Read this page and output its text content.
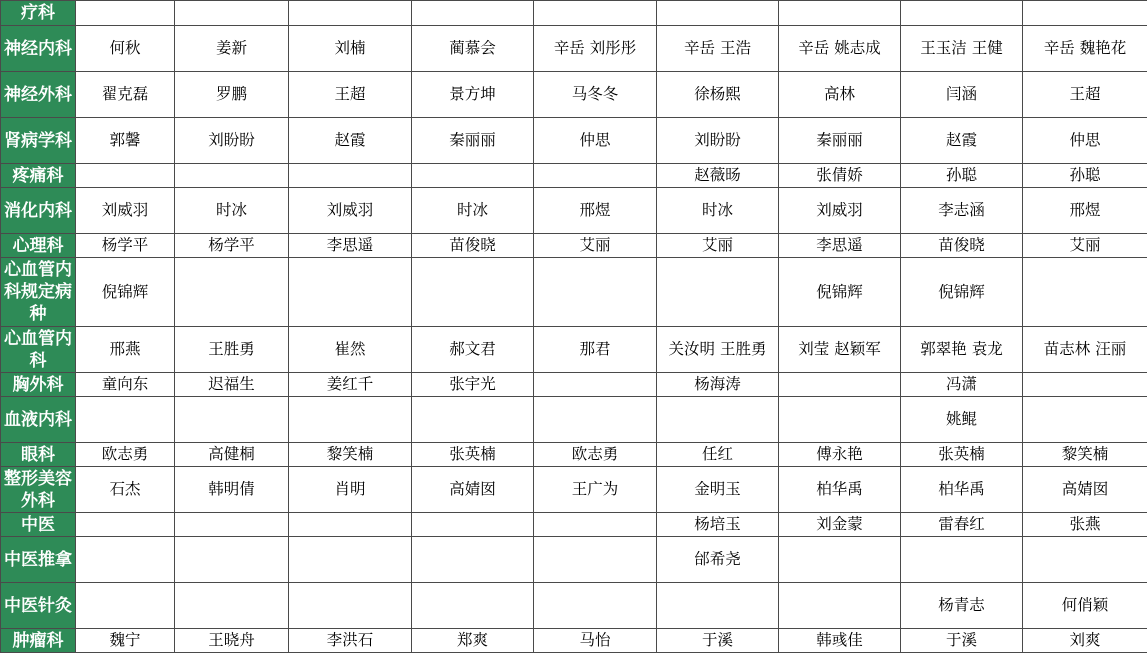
疗科									
神经内科	何秋	姜新	刘楠	蔺慕会	辛岳 刘彤彤	辛岳 王浩	辛岳 姚志成	王玉洁 王健	辛岳 魏艳花
神经外科	翟克磊	罗鹏	王超	景方坤	马冬冬	徐杨熙	高林	闫涵	王超
肾病学科	郭馨	刘盼盼	赵霞	秦丽丽	仲思	刘盼盼	秦丽丽	赵霞	仲思
疼痛科						赵薇旸	张倩娇	孙聪	孙聪
消化内科	刘威羽	时冰	刘威羽	时冰	邢煜	时冰	刘威羽	李志涵	邢煜
心理科	杨学平	杨学平	李思遥	苗俊晓	艾丽	艾丽	李思遥	苗俊晓	艾丽
心血管内科规定病种	倪锦辉						倪锦辉	倪锦辉	
心血管内科	邢燕	王胜勇	崔然	郝文君	那君	关汝明 王胜勇	刘莹 赵颖军	郭翠艳 袁龙	苗志林 汪丽
胸外科	童向东	迟福生	姜红千	张宇光		杨海涛		冯潇	
血液内科								姚鲲	
眼科	欧志勇	高健桐	黎笑楠	张英楠	欧志勇	任红	傅永艳	张英楠	黎笑楠
整形美容外科	石杰	韩明倩	肖明	高婧囡	王广为	金明玉	柏华禹	柏华禹	高婧囡
中医						杨培玉	刘金蒙	雷春红	张燕
中医推拿						邰希尧			
中医针灸								杨青志	何俏颖
肿瘤科	魏宁	王晓舟	李洪石	郑爽	马怡	于溪	韩彧佳	于溪	刘爽
